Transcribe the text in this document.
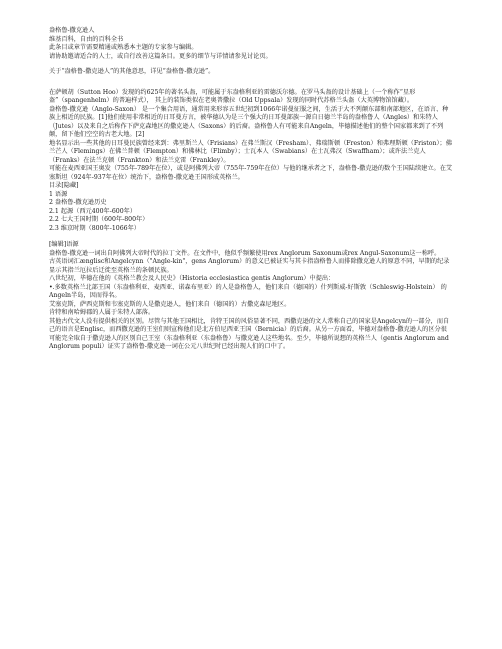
盎格鲁-撒克逊人

维基百科，自由的百科全书

此条目或章节需要精通或熟悉本主题的专家参与编辑。

请协助邀请适合的人士，或自行改善这篇条目。更多的细节与详情请参见讨论页。

关于“盎格鲁-撒克逊人”的其他意思，详见“盎格鲁-撒克逊”。

在萨顿胡（Sutton Hoo）发现的约625年的著名头盔，可能属于东盎格利亚的雷德沃尔德。在罗马头盔的设计基础上（一个称作“星形盔”（spangenhelm）的普遍样式）， 其上的装饰类似在老奥普撒拉（Old Uppsala）发现的同时代苏格兰头盔（大英博物馆馆藏）。

盎格鲁-撒克逊（Anglo-Saxon） 是一个集合用语，通常用来形容五世纪初到1066年诺曼征服之间，生活于大不列颠东部和南部地区，在语言、种族上相近的民族。[1]他们使用非常相近的日耳曼方言，被华德认为是三个强大的日耳曼部族一源自日德兰半岛的盎格鲁人（Angles）和朱特人（Jutes）以及来自之后称作下萨克森地区的撒克逊人（Saxons）的后裔。盎格鲁人有可能来自Angeln，毕德描述他们的整个国家都来到了不列颠，留下他们空空的古老大地。[2]

地名显示出一些其他的日耳曼民族曾经来到：弗里斯兰人（Frisians）在弗兰斯汉（Fresham）、弗瑞斯顿（Freston）和弗理斯顿（Friston）；佛兰芒人（Flemings）在佛兰普顿（Flempton）和佛林比（Flimby）；士瓦本人（Swabians）在士瓦弗汉（Swaffham）；或许法兰克人（Franks）在法兰克顿（Frankton）和法兰克雷（Frankley）。

可能在麦西亚国王奥发（755年-789年在位），或是阿佛列大帝（755年-759年在位）与他的继承者之下，盎格鲁-撒克逊的数个王国陆续建立。在艾塞斯坦（924年-937年在位）统治下，盎格鲁-撒克逊王国形成英格兰。

目录[隐藏]

1 语源

2 盎格鲁-撒克逊历史

2.1 起源（西元400年-600年）

2.2 七大王国时期（600年-800年）

2.3 维京时期（800年-1066年）

[编辑]语源

盎格鲁-撒克逊一词出自阿佛列大帝时代的拉丁文件。在文件中，他似乎频繁使用rex Anglorum Saxonum或rex Angul-Saxonum这一称呼。

古英语词汇ænglisc和Angelcynn（"Angle-kin"，gens Anglorum）的意义已被证实与其卡指盎格鲁人而排除撒克逊人的原意不同，早期的纪录显示其指兰厄拉后迁徙至英格兰的条顿民族。

八世纪初，毕德在他的《英格兰教会及人民史》（Historia ecclesiastica gentis Anglorum）中提出：

•.多数英格兰北部王国（东盎格利亚、麦西亚、诺森布里亚）的人是盎格鲁人，他们来自（德国的）什列斯威-好斯敦（Schleswig-Holstein） 的Angeln半岛，因而得名。

艾塞克斯，萨西克斯和韦塞克斯的人是撒克逊人，他们来自（德国的）古撒克森尼地区。

肯特和南哈姆郡的人属于朱特人部落。

其他古代文人没有提供相关的区别。尽管与其他王国相比，肯特王国的风俗显著不同，西撒克逊的文人常称自己的国家是Angelcyn的一部分，而自己的语言是Englisc，而西撒克逊的王室们则宣称他们是北方伯尼西亚王国（Bernicia）的后裔。从另一方面看，毕德对盎格鲁-撒克逊人的区分很可能完全取自于撒克逊人的区别自己王室（东盎格利亚（东盎格鲁）与撒克逊人这些地名。至少，毕德所说想的英格兰人（gentis Anglorum and Anglorum populi）证实了盎格鲁-撒克逊一词在公元八世纪时已经出现人们的口中了。
